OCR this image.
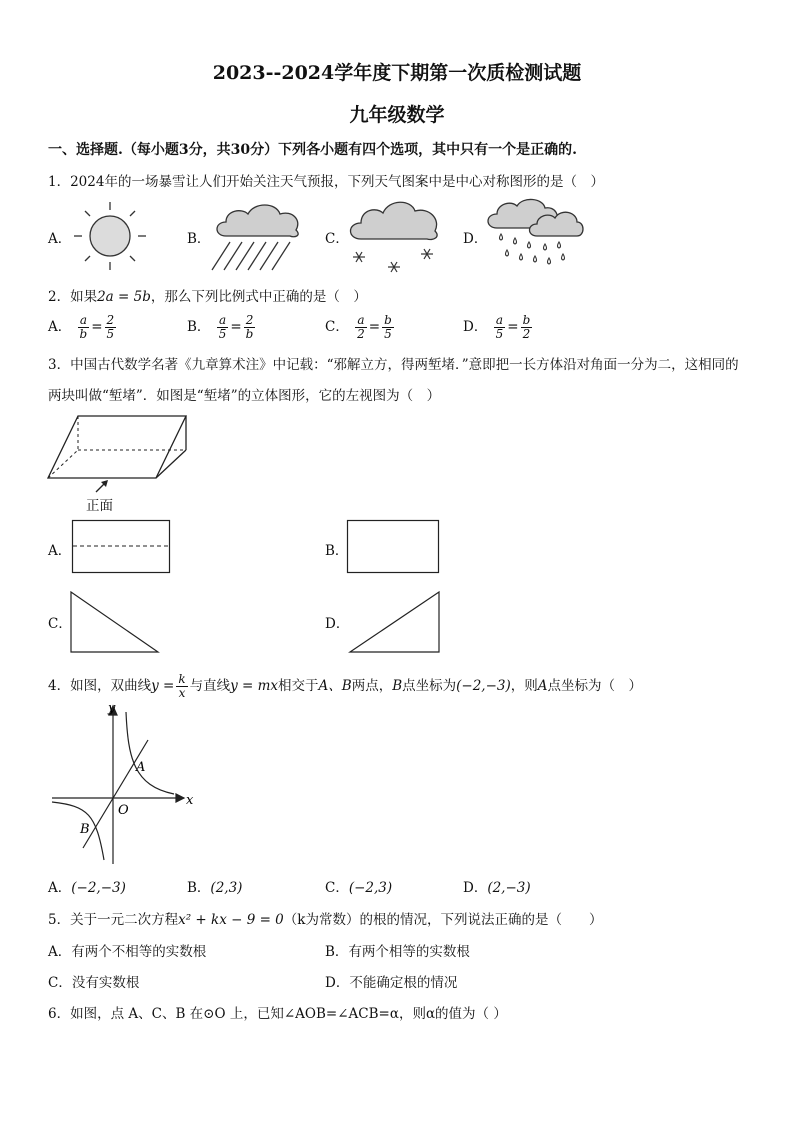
2023--2024学年度下期第一次质检测试题
九年级数学
一、选择题.（每小题3分，共30分）下列各小题有四个选项，其中只有一个是正确的.
1．2024年的一场暴雪让人们开始关注天气预报，下列天气图案中是中心对称图形的是（　）
A．	B．	C．	D．
2．如果2a = 5b，那么下列比例式中正确的是（　）
A． $\frac{a}{b} = \frac{2}{5}$	B． $\frac{a}{5} = \frac{2}{b}$	C． $\frac{a}{2} = \frac{b}{5}$	D． $\frac{a}{5} = \frac{b}{2}$
3．中国古代数学名著《九章算术注》中记载：“邪解立方，得两堑堵．”意即把一长方体沿对角面一分为二，这相同的两块叫做“堑堵”．如图是“堑堵”的立体图形，它的左视图为（　）
正面
A．	B．
C．	D．
4．如图，双曲线$y = \frac{k}{x}$ 与直线y = mx相交于A、B两点，B点坐标为(−2,−3)，则A点坐标为（　）
y
x
O
A
B
A．(−2,−3)	B．(2,3)	C．(−2,3)	D．(2,−3)
5．关于一元二次方程x² + kx − 9 = 0（k为常数）的根的情况，下列说法正确的是（　　）
A．有两个不相等的实数根	B．有两个相等的实数根
C．没有实数根	D．不能确定根的情况
6．如图，点 A、C、B 在⊙O 上，已知∠AOB=∠ACB=α，则α的值为（ ）
